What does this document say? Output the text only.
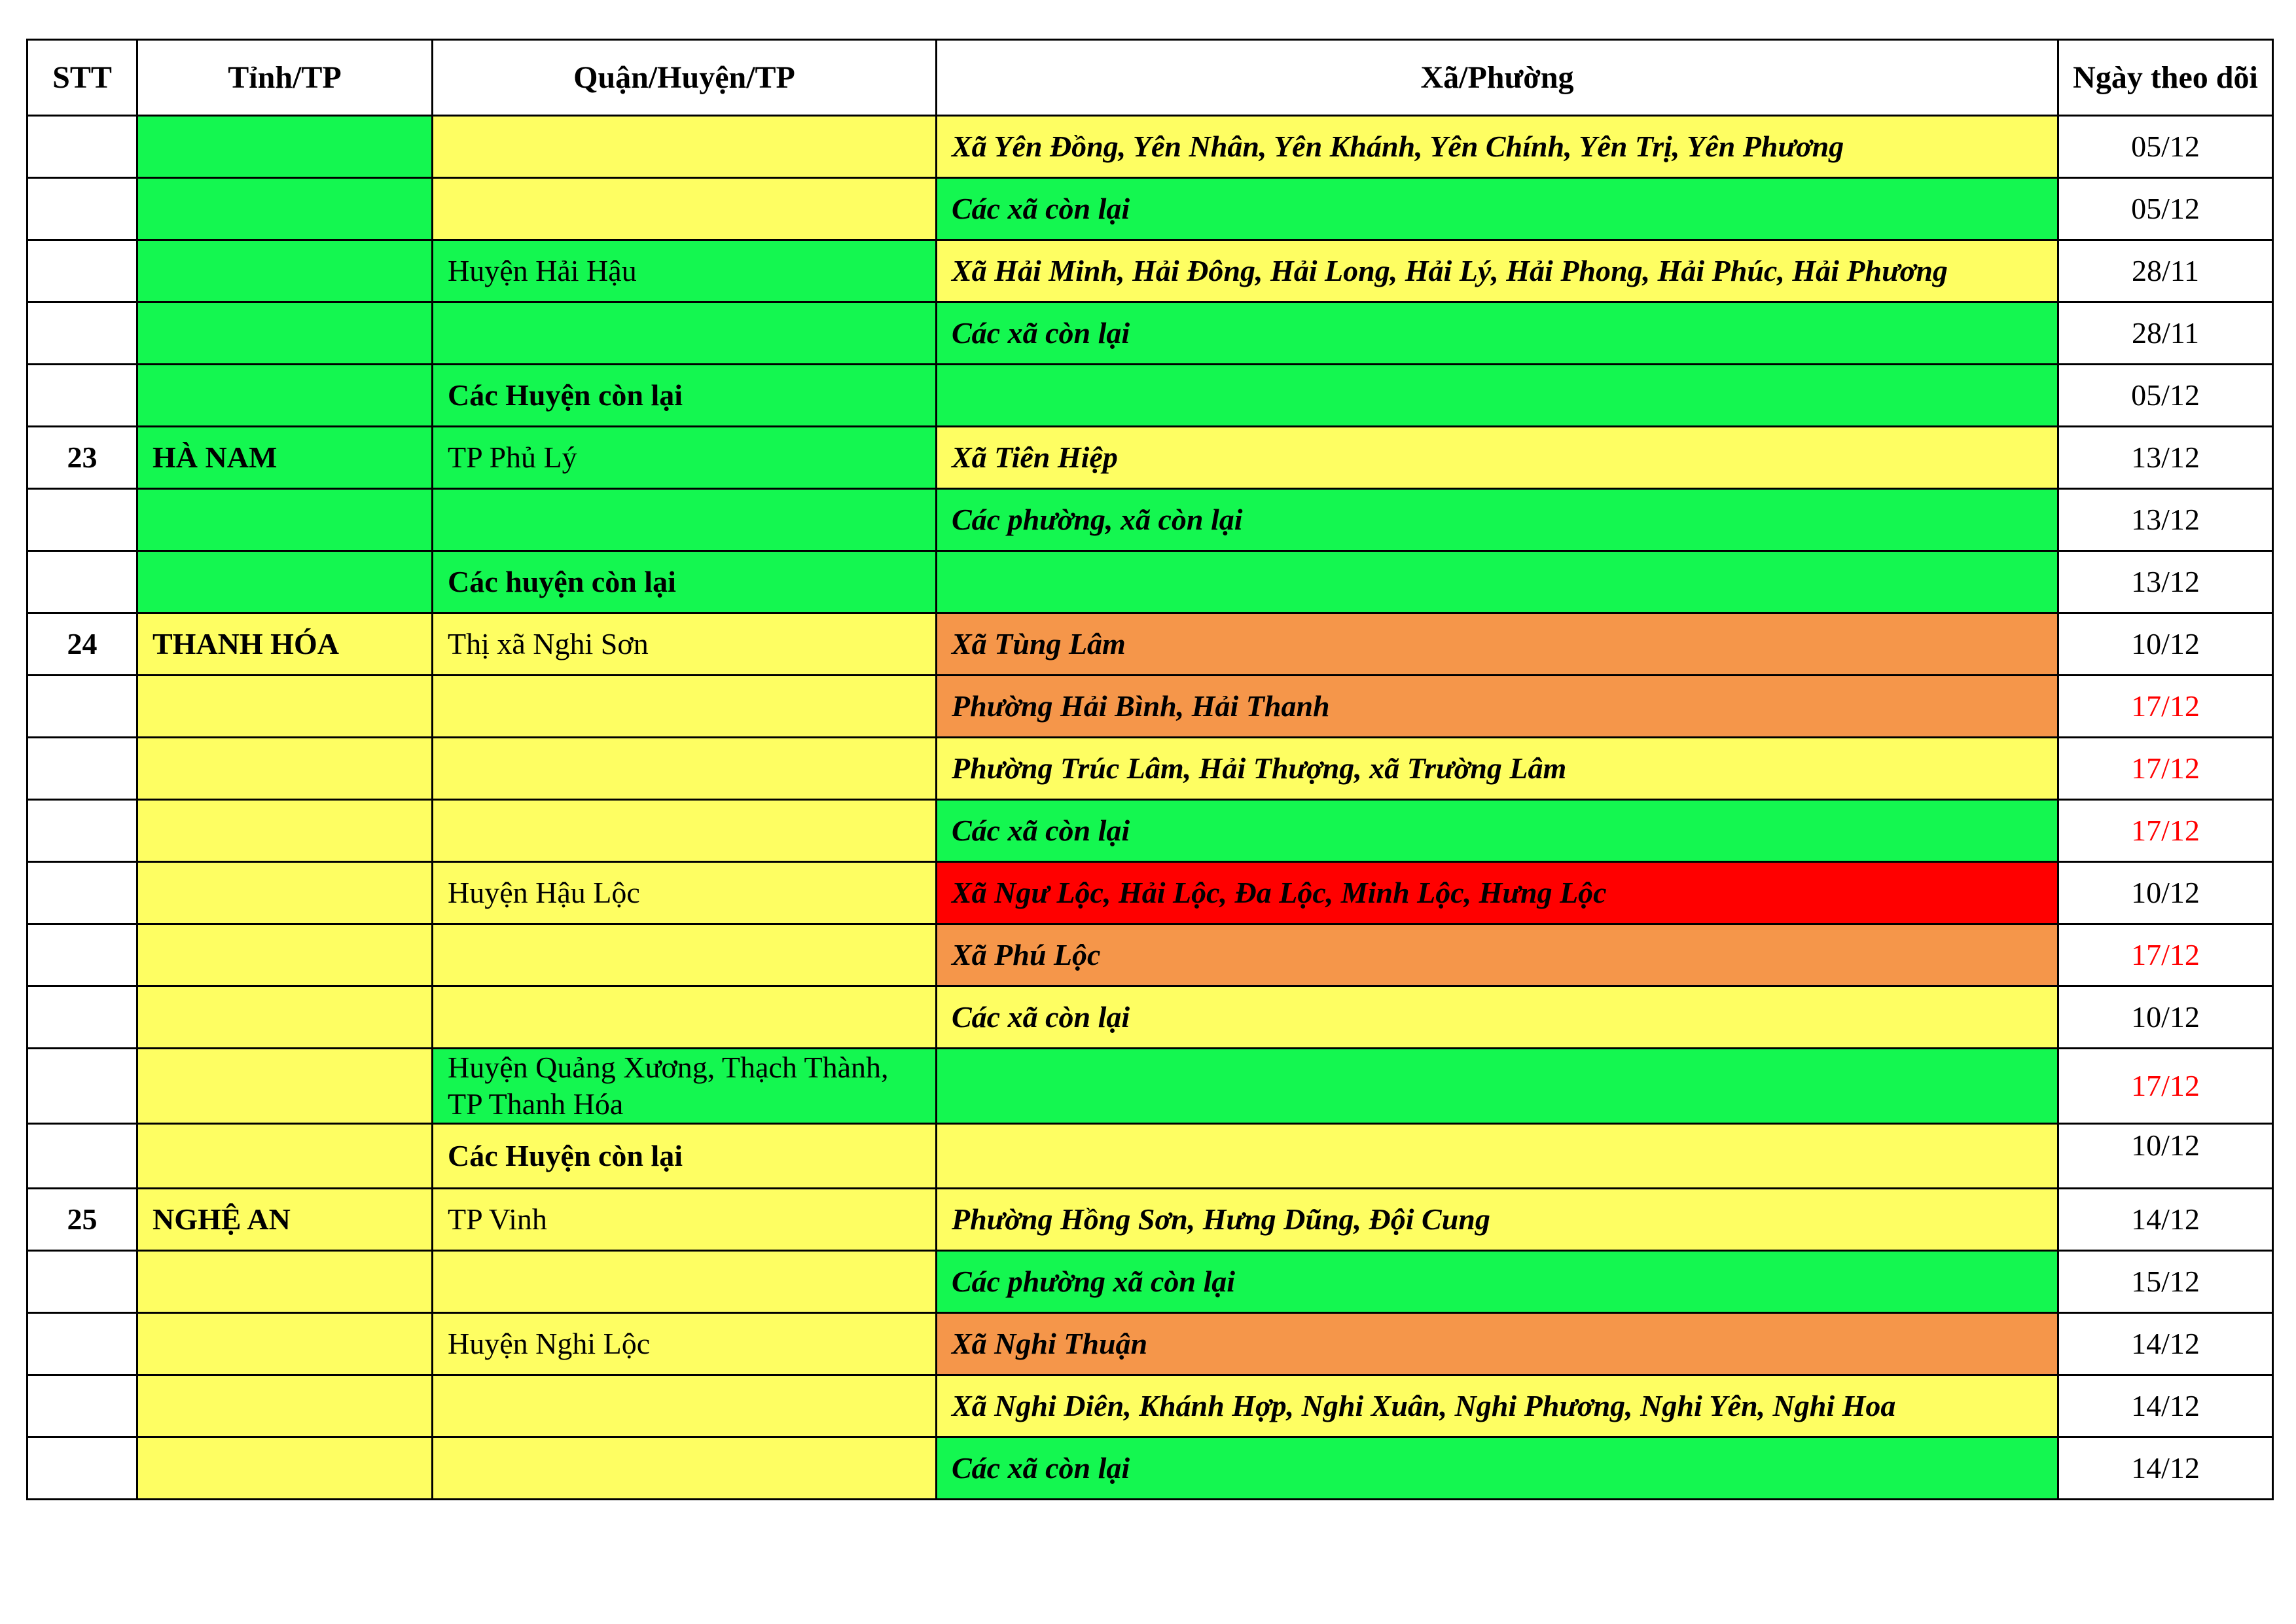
STT	Tỉnh/TP	Quận/Huyện/TP	Xã/Phường	Ngày theo dõi
			Xã Yên Đồng, Yên Nhân, Yên Khánh, Yên Chính, Yên Trị, Yên Phương	05/12
			Các xã còn lại	05/12
		Huyện Hải Hậu	Xã Hải Minh, Hải Đông, Hải Long, Hải Lý, Hải Phong, Hải Phúc, Hải Phương	28/11
			Các xã còn lại	28/11
		Các Huyện còn lại		05/12
23	HÀ NAM	TP Phủ Lý	Xã Tiên Hiệp	13/12
			Các phường, xã còn lại	13/12
		Các huyện còn lại		13/12
24	THANH HÓA	Thị xã Nghi Sơn	Xã Tùng Lâm	10/12
			Phường Hải Bình, Hải Thanh	17/12
			Phường Trúc Lâm, Hải Thượng, xã Trường Lâm	17/12
			Các xã còn lại	17/12
		Huyện Hậu Lộc	Xã Ngư Lộc, Hải Lộc, Đa Lộc, Minh Lộc, Hưng Lộc	10/12
			Xã Phú Lộc	17/12
			Các xã còn lại	10/12
		Huyện Quảng Xương, Thạch Thành, TP Thanh Hóa		17/12
		Các Huyện còn lại		10/12
25	NGHỆ AN	TP Vinh	Phường Hồng Sơn, Hưng Dũng, Đội Cung	14/12
			Các phường xã còn lại	15/12
		Huyện Nghi Lộc	Xã Nghi Thuận	14/12
			Xã Nghi Diên, Khánh Hợp, Nghi Xuân, Nghi Phương, Nghi Yên, Nghi Hoa	14/12
			Các xã còn lại	14/12
